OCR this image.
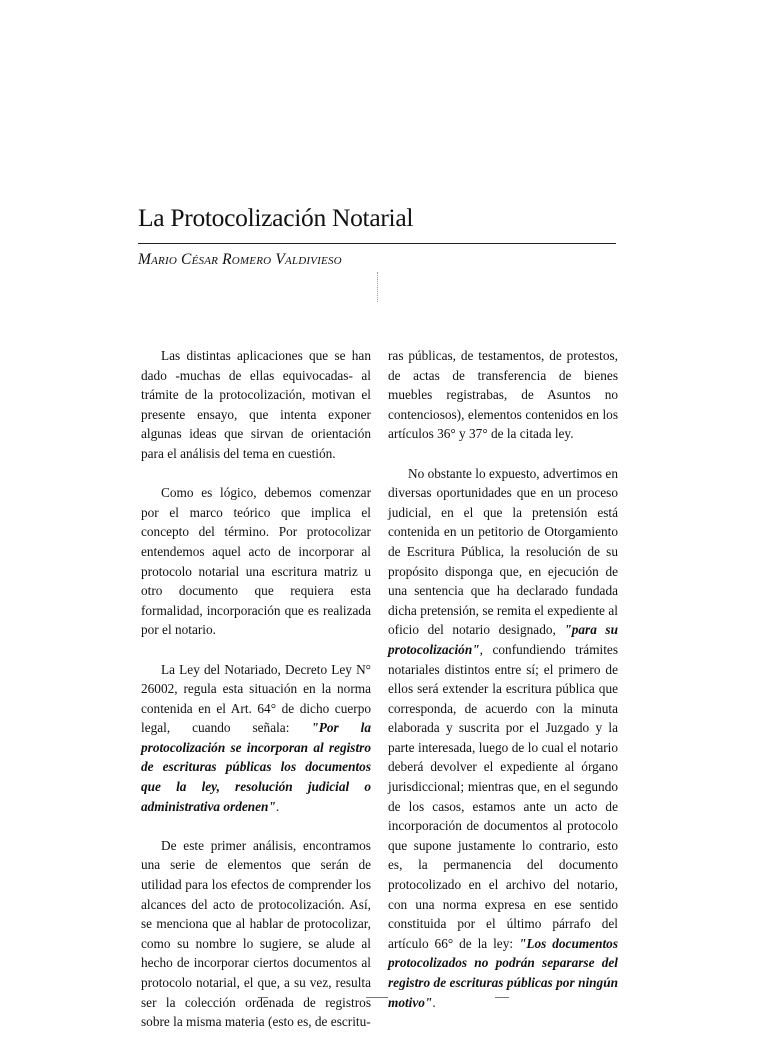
La Protocolización Notarial
Mario César Romero Valdivieso

Las distintas aplicaciones que se han dado -muchas de ellas equivocadas- al trámite de la protocolización, motivan el presente ensayo, que intenta exponer algunas ideas que sirvan de orientación para el análisis del tema en cuestión.

Como es lógico, debemos comenzar por el marco teórico que implica el concepto del término. Por protocolizar entendemos aquel acto de incorporar al protocolo notarial una escritura matriz u otro documento que requiera esta formalidad, incorporación que es realizada por el notario.

La Ley del Notariado, Decreto Ley N° 26002, regula esta situación en la norma contenida en el Art. 64° de dicho cuerpo legal, cuando señala: "Por la protocolización se incorporan al registro de escrituras públicas los documentos que la ley, resolución judicial o administrativa ordenen".

De este primer análisis, encontramos una serie de elementos que serán de utilidad para los efectos de comprender los alcances del acto de protocolización. Así, se menciona que al hablar de protocolizar, como su nombre lo sugiere, se alude al hecho de incorporar ciertos documentos al protocolo notarial, el que, a su vez, resulta ser la colección ordenada de registros sobre la misma materia (esto es, de escritu-

ras públicas, de testamentos, de protestos, de actas de transferencia de bienes muebles registrabas, de Asuntos no contenciosos), elementos contenidos en los artículos 36° y 37° de la citada ley.

No obstante lo expuesto, advertimos en diversas oportunidades que en un proceso judicial, en el que la pretensión está contenida en un petitorio de Otorgamiento de Escritura Pública, la resolución de su propósito disponga que, en ejecución de una sentencia que ha declarado fundada dicha pretensión, se remita el expediente al oficio del notario designado, "para su protocolización", confundiendo trámites notariales distintos entre sí; el primero de ellos será extender la escritura pública que corresponda, de acuerdo con la minuta elaborada y suscrita por el Juzgado y la parte interesada, luego de lo cual el notario deberá devolver el expediente al órgano jurisdiccional; mientras que, en el segundo de los casos, estamos ante un acto de incorporación de documentos al protocolo que supone justamente lo contrario, esto es, la permanencia del documento protocolizado en el archivo del notario, con una norma expresa en ese sentido constituida por el último párrafo del artículo 66° de la ley: "Los documentos protocolizados no podrán separarse del registro de escrituras públicas por ningún motivo".
